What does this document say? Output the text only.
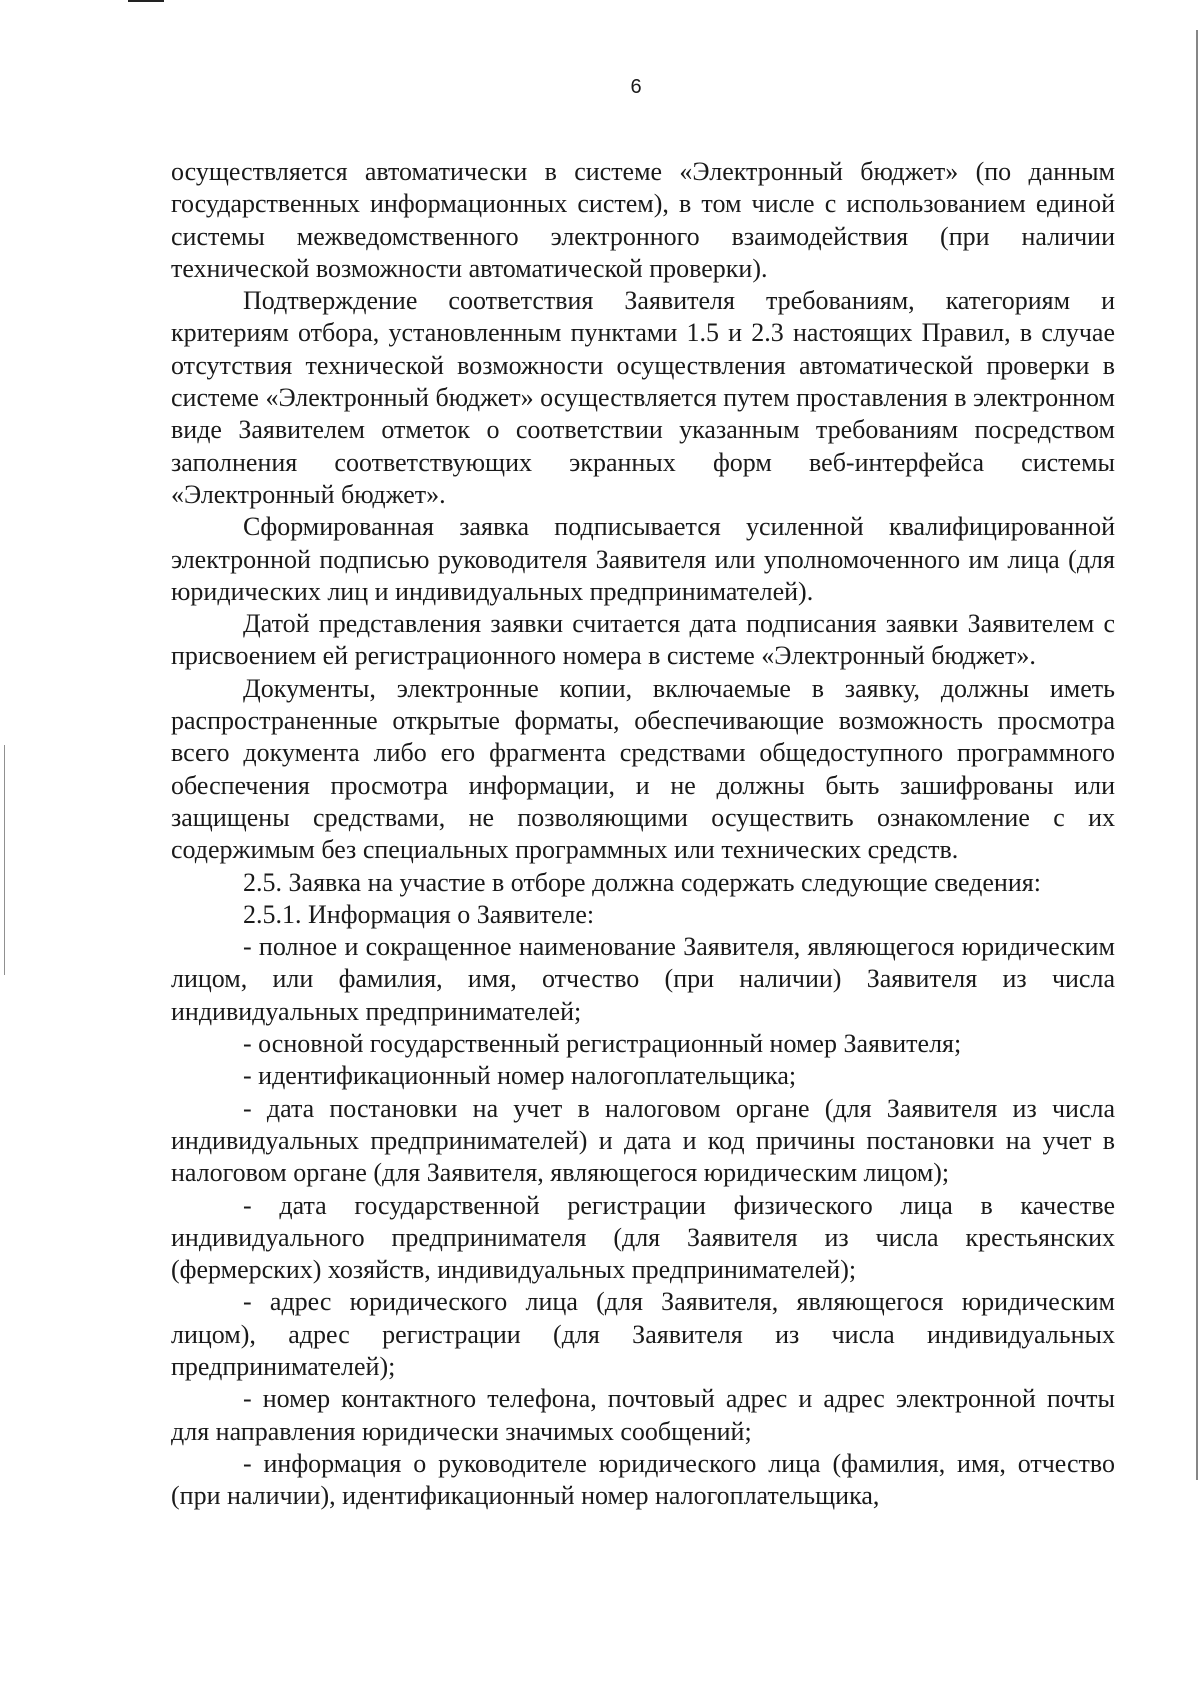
6

осуществляется автоматически в системе «Электронный бюджет» (по данным государственных информационных систем), в том числе с использованием единой системы межведомственного электронного взаимодействия (при наличии технической возможности автоматической проверки).

Подтверждение соответствия Заявителя требованиям, категориям и критериям отбора, установленным пунктами 1.5 и 2.3 настоящих Правил, в случае отсутствия технической возможности осуществления автоматической проверки в системе «Электронный бюджет» осуществляется путем проставления в электронном виде Заявителем отметок о соответствии указанным требованиям посредством заполнения соответствующих экранных форм веб-интерфейса системы «Электронный бюджет».

Сформированная заявка подписывается усиленной квалифицированной электронной подписью руководителя Заявителя или уполномоченного им лица (для юридических лиц и индивидуальных предпринимателей).

Датой представления заявки считается дата подписания заявки Заявителем с присвоением ей регистрационного номера в системе «Электронный бюджет».

Документы, электронные копии, включаемые в заявку, должны иметь распространенные открытые форматы, обеспечивающие возможность просмотра всего документа либо его фрагмента средствами общедоступного программного обеспечения просмотра информации, и не должны быть зашифрованы или защищены средствами, не позволяющими осуществить ознакомление с их содержимым без специальных программных или технических средств.

2.5. Заявка на участие в отборе должна содержать следующие сведения:

2.5.1. Информация о Заявителе:

- полное и сокращенное наименование Заявителя, являющегося юридическим лицом, или фамилия, имя, отчество (при наличии) Заявителя из числа индивидуальных предпринимателей;

- основной государственный регистрационный номер Заявителя;

- идентификационный номер налогоплательщика;

- дата постановки на учет в налоговом органе (для Заявителя из числа индивидуальных предпринимателей) и дата и код причины постановки на учет в налоговом органе (для Заявителя, являющегося юридическим лицом);

- дата государственной регистрации физического лица в качестве индивидуального предпринимателя (для Заявителя из числа крестьянских (фермерских) хозяйств, индивидуальных предпринимателей);

- адрес юридического лица (для Заявителя, являющегося юридическим лицом), адрес регистрации (для Заявителя из числа индивидуальных предпринимателей);

- номер контактного телефона, почтовый адрес и адрес электронной почты для направления юридически значимых сообщений;

- информация о руководителе юридического лица (фамилия, имя, отчество (при наличии), идентификационный номер налогоплательщика,
